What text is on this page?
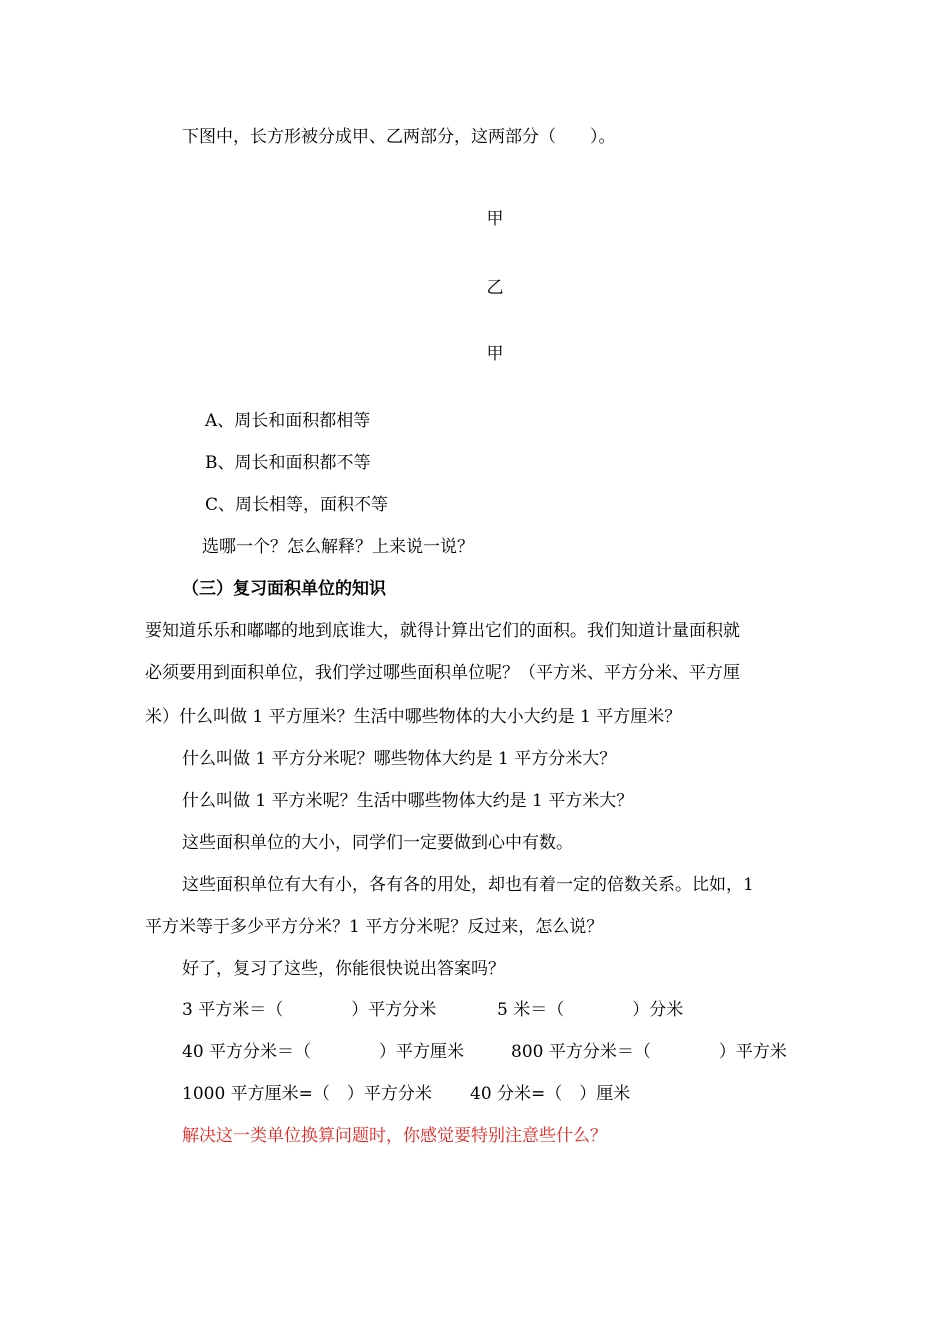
下图中，长方形被分成甲、乙两部分，这两部分（　　）。
甲
乙
甲
A、周长和面积都相等
B、周长和面积都不等
C、周长相等，面积不等
选哪一个？怎么解释？上来说一说？
（三）复习面积单位的知识
要知道乐乐和嘟嘟的地到底谁大，就得计算出它们的面积。我们知道计量面积就
必须要用到面积单位，我们学过哪些面积单位呢？（平方米、平方分米、平方厘
米）什么叫做 1 平方厘米？生活中哪些物体的大小大约是 1 平方厘米？
什么叫做 1 平方分米呢？哪些物体大约是 1 平方分米大？
什么叫做 1 平方米呢？生活中哪些物体大约是 1 平方米大？
这些面积单位的大小，同学们一定要做到心中有数。
这些面积单位有大有小，各有各的用处，却也有着一定的倍数关系。比如，1
平方米等于多少平方分米？1 平方分米呢？反过来，怎么说？
好了，复习了这些，你能很快说出答案吗？
3 平方米＝（　　　　）平方分米	5 米＝（　　　　）分米
40 平方分米＝（　　　　）平方厘米	800 平方分米＝（　　　　）平方米
1000 平方厘米=（　）平方分米 40 分米=（　）厘米
解决这一类单位换算问题时，你感觉要特别注意些什么？
